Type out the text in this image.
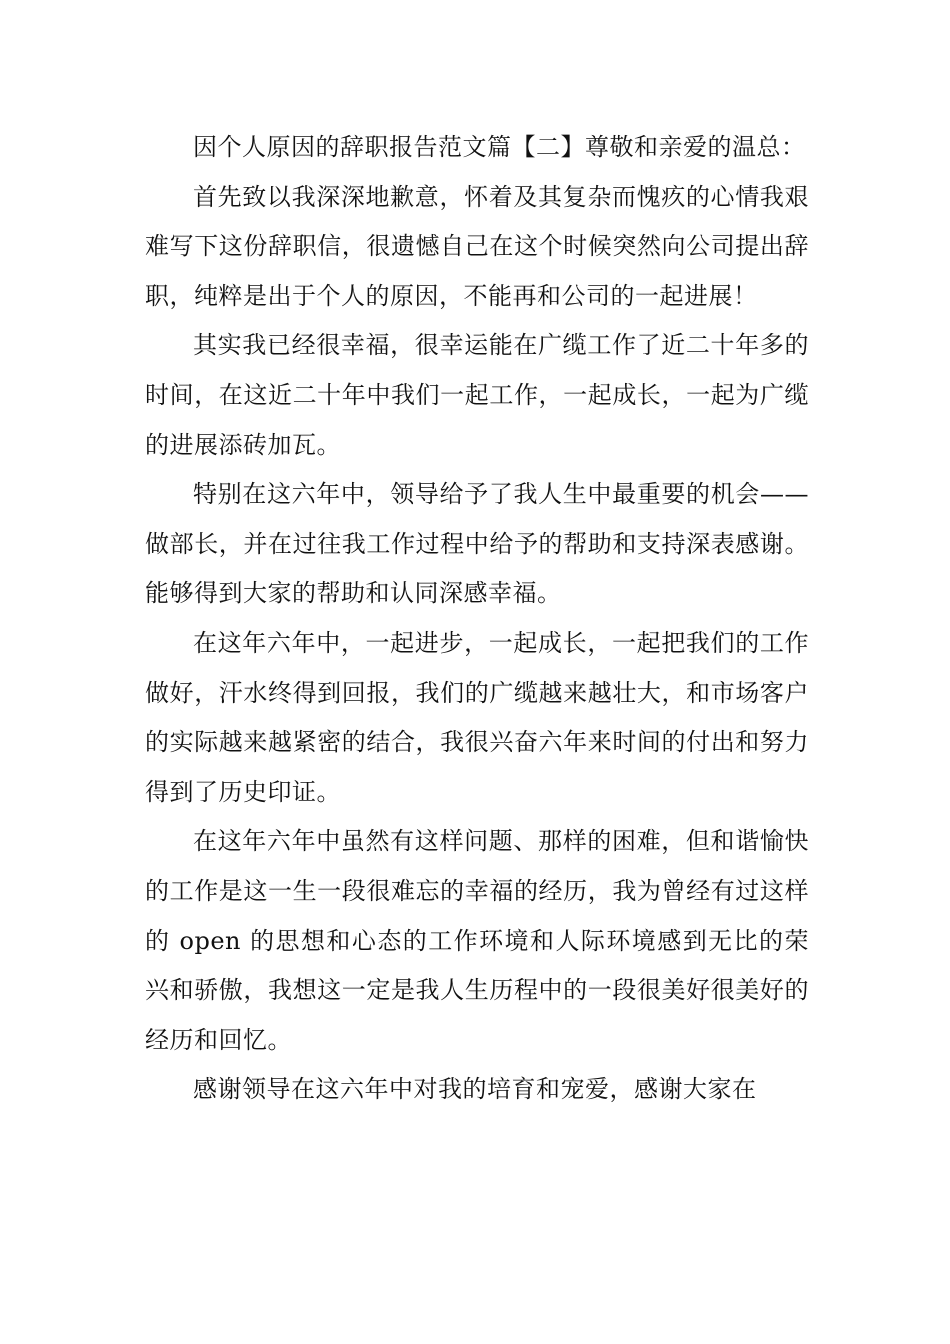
因个人原因的辞职报告范文篇【二】尊敬和亲爱的温总：

首先致以我深深地歉意，怀着及其复杂而愧疚的心情我艰难写下这份辞职信，很遗憾自己在这个时候突然向公司提出辞职，纯粹是出于个人的原因，不能再和公司的一起进展！

其实我已经很幸福，很幸运能在广缆工作了近二十年多的时间，在这近二十年中我们一起工作，一起成长，一起为广缆的进展添砖加瓦。

特别在这六年中，领导给予了我人生中最重要的机会——做部长，并在过往我工作过程中给予的帮助和支持深表感谢。能够得到大家的帮助和认同深感幸福。

在这年六年中，一起进步，一起成长，一起把我们的工作做好，汗水终得到回报，我们的广缆越来越壮大，和市场客户的实际越来越紧密的结合，我很兴奋六年来时间的付出和努力得到了历史印证。

在这年六年中虽然有这样问题、那样的困难，但和谐愉快的工作是这一生一段很难忘的幸福的经历，我为曾经有过这样的 open 的思想和心态的工作环境和人际环境感到无比的荣兴和骄傲，我想这一定是我人生历程中的一段很美好很美好的经历和回忆。

感谢领导在这六年中对我的培育和宠爱，感谢大家在
